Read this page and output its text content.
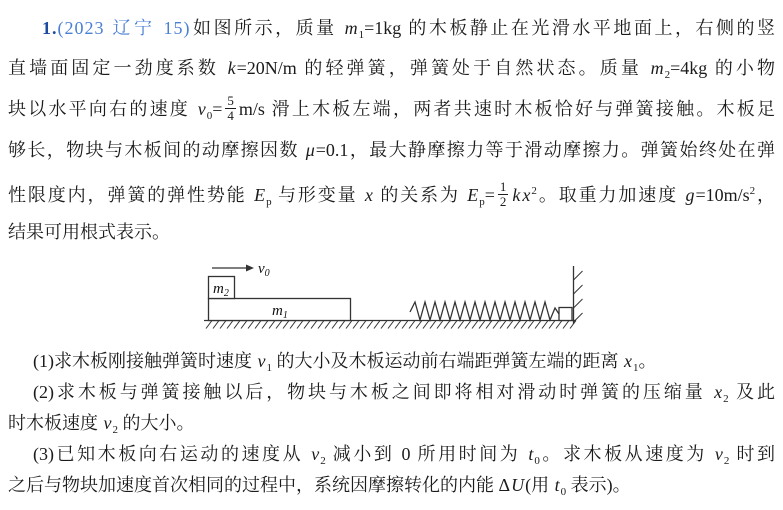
1.(2023 辽宁 15)如图所示，质量 $m_1=1kg$ 的木板静止在光滑水平地面上，右侧的竖
直墙面固定一劲度系数 k=20N/m 的轻弹簧，弹簧处于自然状态。质量 $m_2=4kg$ 的小物
块以水平向右的速度 $v_0= \frac{5}{4} m/s$ 滑上木板左端，两者共速时木板恰好与弹簧接触。木板足
够长，物块与木板间的动摩擦因数 μ=0.1，最大静摩擦力等于滑动摩擦力。弹簧始终处在弹
性限度内，弹簧的弹性势能 $E_p$ 与形变量 x 的关系为 $E_p= \frac{1}{2}$ k $x^2$。取重力加速度 $g=10m/s^2$，
结果可用根式表示。
$v_0$
$m_2$
$m_1$
(1)求木板刚接触弹簧时速度 $v_1$ 的大小及木板运动前右端距弹簧左端的距离 $x_1$。
(2)求木板与弹簧接触以后，物块与木板之间即将相对滑动时弹簧的压缩量 $x_2$ 及此
时木板速度 $v_2$ 的大小。
(3)已知木板向右运动的速度从 $v_2$ 减小到 0 所用时间为 $t_0$。求木板从速度为 $v_2$ 时到
之后与物块加速度首次相同的过程中，系统因摩擦转化的内能 ΔU(用 $t_0$ 表示)。
